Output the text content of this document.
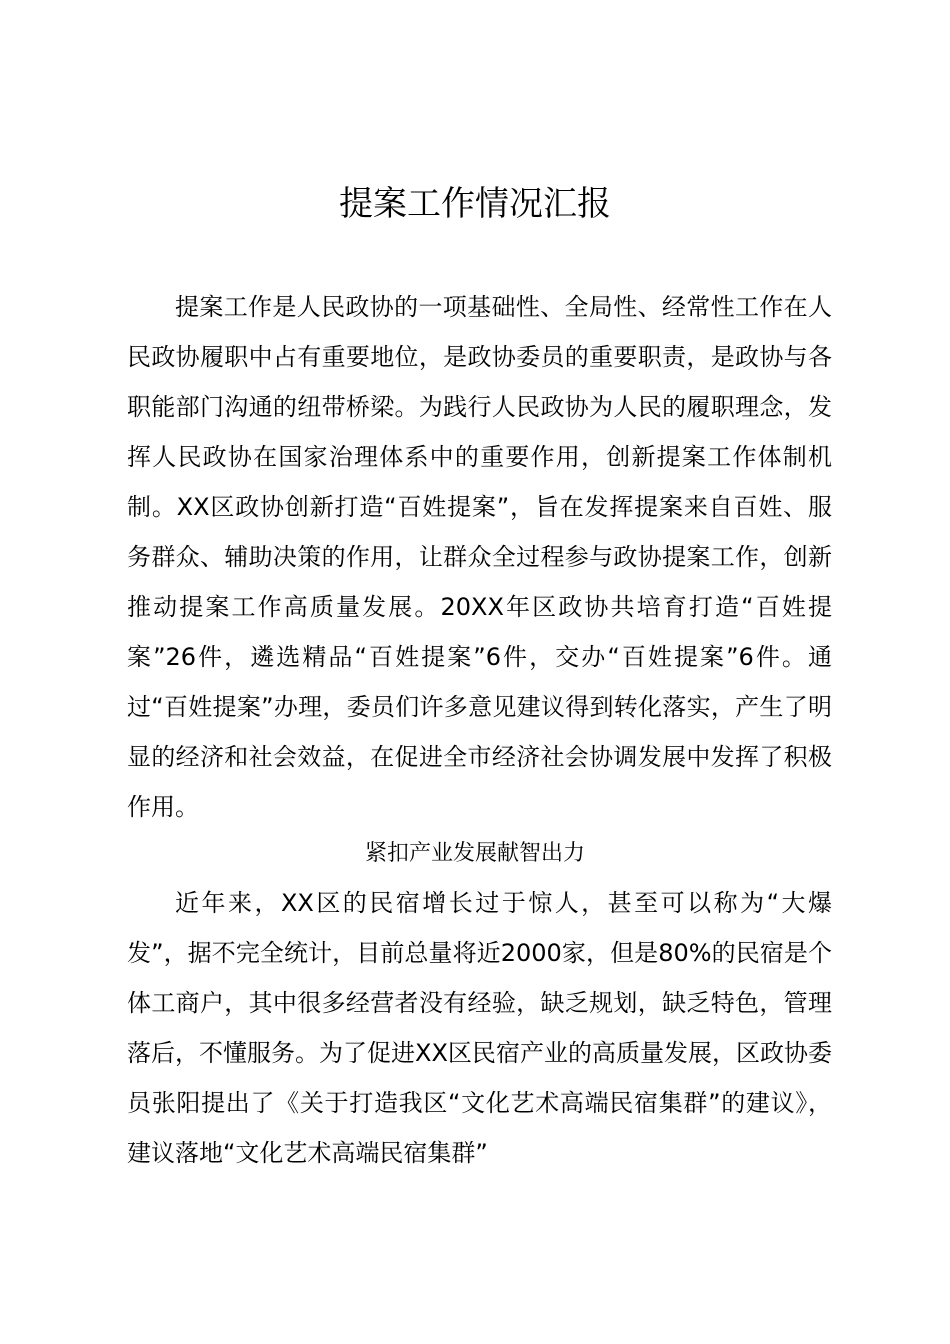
提案工作情况汇报

提案工作是人民政协的一项基础性、全局性、经常性工作在人民政协履职中占有重要地位，是政协委员的重要职责，是政协与各职能部门沟通的纽带桥梁。为践行人民政协为人民的履职理念，发挥人民政协在国家治理体系中的重要作用，创新提案工作体制机制。XX区政协创新打造“百姓提案”，旨在发挥提案来自百姓、服务群众、辅助决策的作用，让群众全过程参与政协提案工作，创新推动提案工作高质量发展。20XX年区政协共培育打造“百姓提案”26件，遴选精品“百姓提案”6件，交办“百姓提案”6件。通过“百姓提案”办理，委员们许多意见建议得到转化落实，产生了明显的经济和社会效益，在促进全市经济社会协调发展中发挥了积极作用。

紧扣产业发展献智出力

近年来，XX区的民宿增长过于惊人，甚至可以称为“大爆发”，据不完全统计，目前总量将近2000家，但是80%的民宿是个体工商户，其中很多经营者没有经验，缺乏规划，缺乏特色，管理落后，不懂服务。为了促进XX区民宿产业的高质量发展，区政协委员张阳提出了《关于打造我区“文化艺术高端民宿集群”的建议》，建议落地“文化艺术高端民宿集群”
